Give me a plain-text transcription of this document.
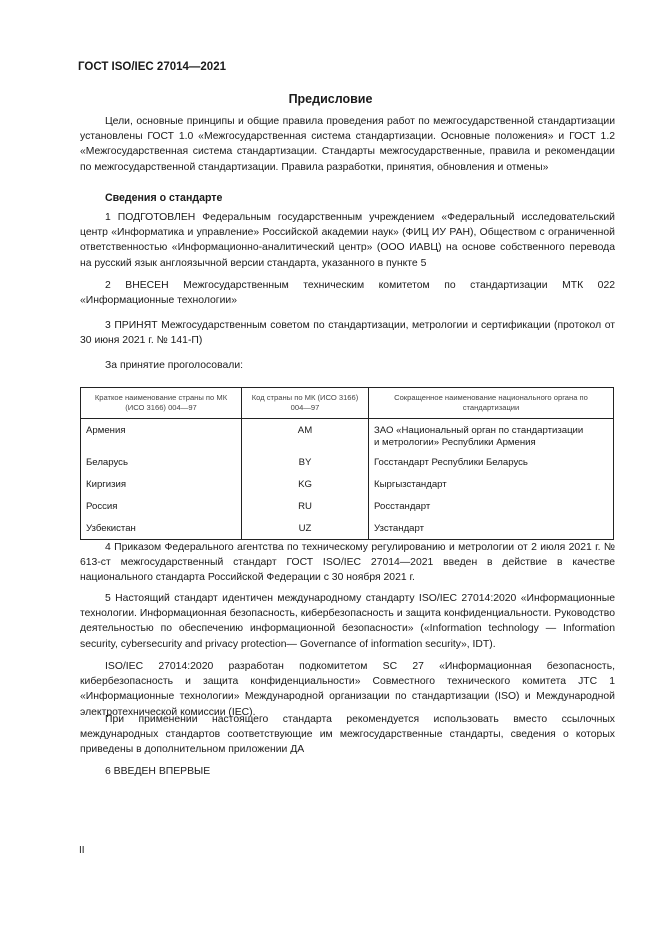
ГОСТ ISO/IEC 27014—2021
Предисловие

Цели, основные принципы и общие правила проведения работ по межгосударственной стандартизации установлены ГОСТ 1.0 «Межгосударственная система стандартизации. Основные положения» и ГОСТ 1.2 «Межгосударственная система стандартизации. Стандарты межгосударственные, правила и рекомендации по межгосударственной стандартизации. Правила разработки, принятия, обновления и отмены»

Сведения о стандарте

1 ПОДГОТОВЛЕН Федеральным государственным учреждением «Федеральный исследовательский центр «Информатика и управление» Российской академии наук» (ФИЦ ИУ РАН), Обществом с ограниченной ответственностью «Информационно-аналитический центр» (ООО ИАВЦ) на основе собственного перевода на русский язык англоязычной версии стандарта, указанного в пункте 5

2 ВНЕСЕН Межгосударственным техническим комитетом по стандартизации МТК 022 «Информационные технологии»

3 ПРИНЯТ Межгосударственным советом по стандартизации, метрологии и сертификации (протокол от 30 июня 2021 г. № 141-П)

За принятие проголосовали:
Краткое наименование страны по МК (ИСО 3166) 004—97	Код страны по МК (ИСО 3166) 004—97	Сокращенное наименование национального органа по стандартизации
Армения	AM	ЗАО «Национальный орган по стандартизации
и метрологии» Республики Армения

Беларусь	BY	Госстандарт Республики Беларусь
Киргизия	KG	Кыргызстандарт
Россия	RU	Росстандарт
Узбекистан	UZ	Узстандарт

4 Приказом Федерального агентства по техническому регулированию и метрологии от 2 июля 2021 г. № 613-ст межгосударственный стандарт ГОСТ ISO/IEC 27014—2021 введен в действие в качестве национального стандарта Российской Федерации с 30 ноября 2021 г.

5 Настоящий стандарт идентичен международному стандарту ISO/IEC 27014:2020 «Информационные технологии. Информационная безопасность, кибербезопасность и защита конфиденциальности. Руководство деятельностью по обеспечению информационной безопасности» («Information technology — Information security, cybersecurity and privacy protection— Governance of information security», IDT).

ISO/IEC 27014:2020 разработан подкомитетом SC 27 «Информационная безопасность, кибербезопасность и защита конфиденциальности» Совместного технического комитета JTC 1 «Информационные технологии» Международной организации по стандартизации (ISO) и Международной электротехнической комиссии (IEC).

При применении настоящего стандарта рекомендуется использовать вместо ссылочных международных стандартов соответствующие им межгосударственные стандарты, сведения о которых приведены в дополнительном приложении ДА

6 ВВЕДЕН ВПЕРВЫЕ
II
